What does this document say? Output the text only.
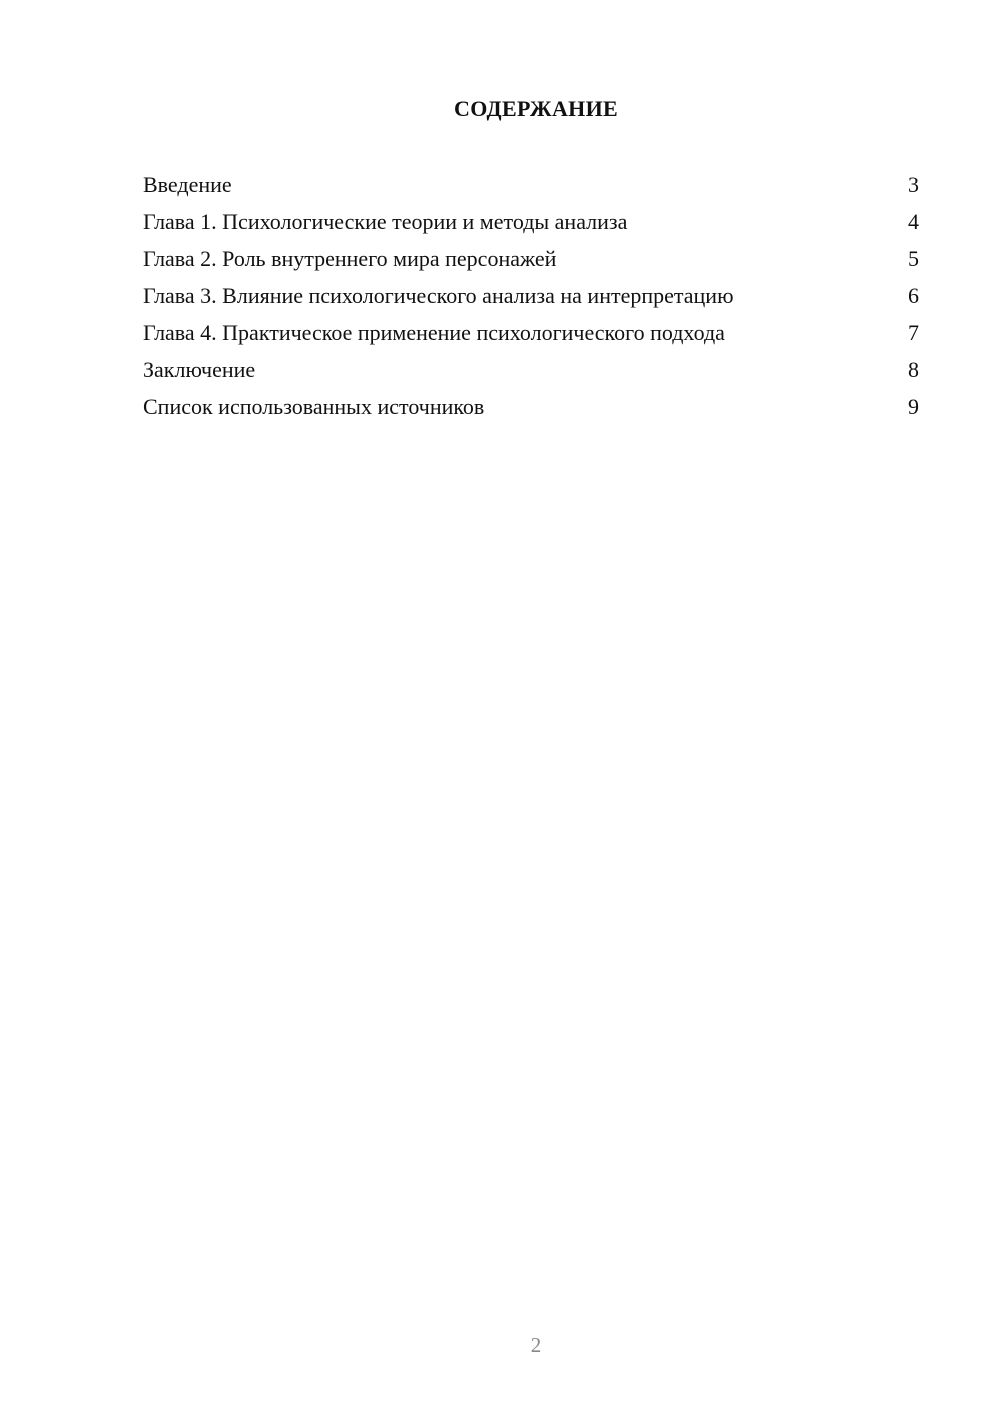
СОДЕРЖАНИЕ
Введение	3
Глава 1. Психологические теории и методы анализа	4
Глава 2. Роль внутреннего мира персонажей	5
Глава 3. Влияние психологического анализа на интерпретацию	6
Глава 4. Практическое применение психологического подхода	7
Заключение	8
Список использованных источников	9
2
